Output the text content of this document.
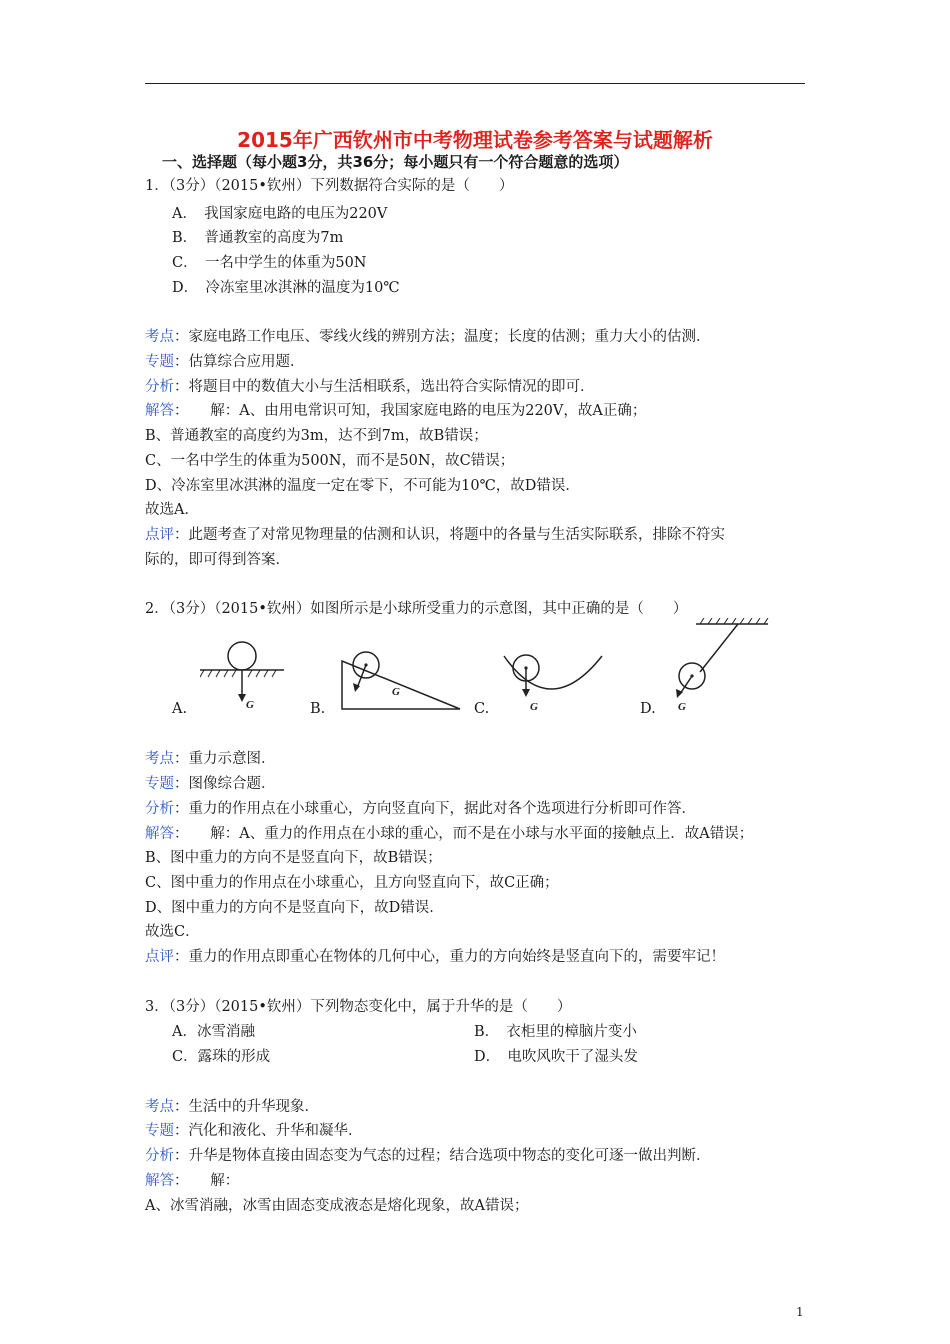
2015年广西钦州市中考物理试卷参考答案与试题解析
一、选择题（每小题3分，共36分；每小题只有一个符合题意的选项）
1．（3分）（2015•钦州）下列数据符合实际的是（　　）
A．　我国家庭电路的电压为220V
B．　普通教室的高度为7m
C．　一名中学生的体重为50N
D．　冷冻室里冰淇淋的温度为10℃
考点：家庭电路工作电压、零线火线的辨别方法；温度；长度的估测；重力大小的估测．
专题：估算综合应用题．
分析：将题目中的数值大小与生活相联系，选出符合实际情况的即可．
解答：　　解：A、由用电常识可知，我国家庭电路的电压为220V，故A正确；
B、普通教室的高度约为3m，达不到7m，故B错误；
C、一名中学生的体重为500N，而不是50N，故C错误；
D、冷冻室里冰淇淋的温度一定在零下，不可能为10℃，故D错误．
故选A．
点评：此题考查了对常见物理量的估测和认识，将题中的各量与生活实际联系，排除不符实
际的，即可得到答案．
2．（3分）（2015•钦州）如图所示是小球所受重力的示意图，其中正确的是（　　）
A.	B.	C.	D.
G
G
G	G
考点：重力示意图．
专题：图像综合题．
分析：重力的作用点在小球重心，方向竖直向下，据此对各个选项进行分析即可作答．
解答：　　解：A、重力的作用点在小球的重心，而不是在小球与水平面的接触点上．故A错误；
B、图中重力的方向不是竖直向下，故B错误；
C、图中重力的作用点在小球重心，且方向竖直向下，故C正确；
D、图中重力的方向不是竖直向下，故D错误．
故选C．
点评：重力的作用点即重心在物体的几何中心，重力的方向始终是竖直向下的，需要牢记！
3．（3分）（2015•钦州）下列物态变化中，属于升华的是（　　）
A．冰雪消融	B．　衣柜里的樟脑片变小
C．露珠的形成	D．　电吹风吹干了湿头发
考点：生活中的升华现象．
专题：汽化和液化、升华和凝华．
分析：升华是物体直接由固态变为气态的过程；结合选项中物态的变化可逐一做出判断．
解答：　　解：
A、冰雪消融，冰雪由固态变成液态是熔化现象，故A错误；
1
